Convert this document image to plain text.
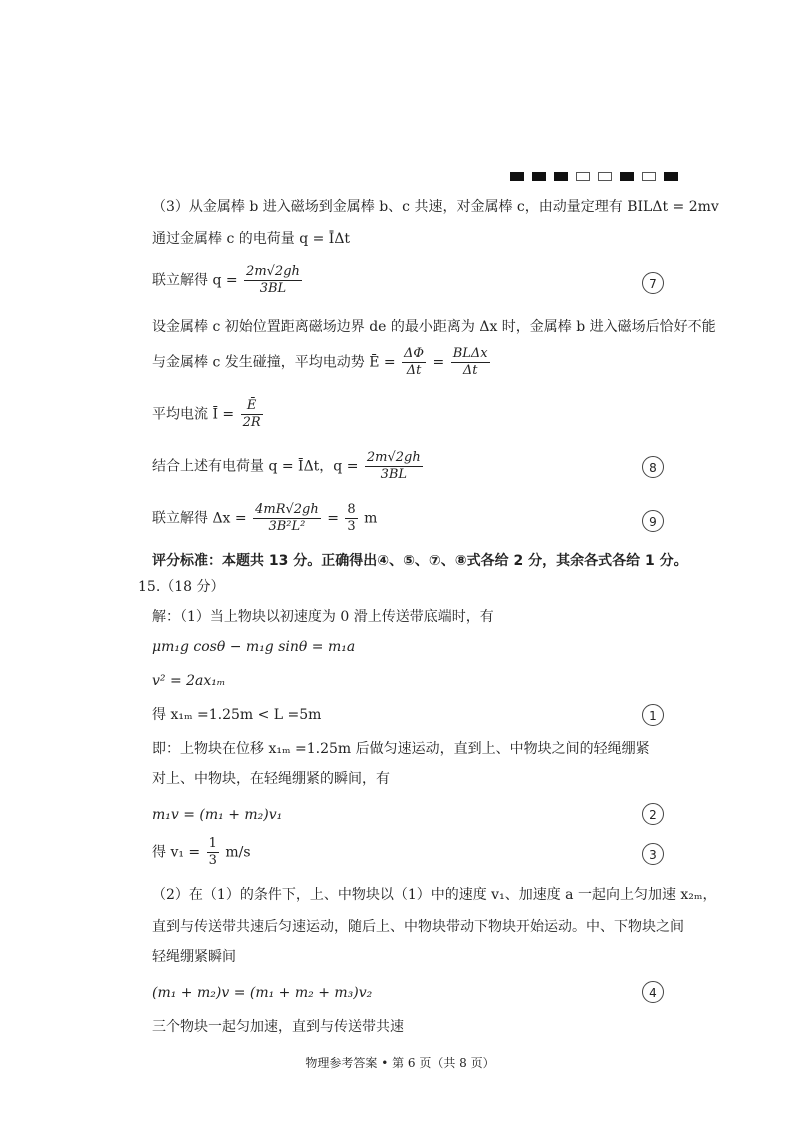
（3）从金属棒 b 进入磁场到金属棒 b、c 共速，对金属棒 c，由动量定理有 BILΔt = 2mv
通过金属棒 c 的电荷量 q = ĪΔt
联立解得 $q = \frac{2m√2gh}{3BL}$	7
设金属棒 c 初始位置距离磁场边界 de 的最小距离为 Δx 时，金属棒 b 进入磁场后恰好不能
与金属棒 c 发生碰撞，平均电动势 Ē = $\frac{\Delta\Phi}{\Delta t} = \frac{\text{BLΔx}}{\Delta t}$
平均电流 Ī = $\frac{Ē}{2R}$
结合上述有电荷量 q = ĪΔt，$q = \frac{2m√2gh}{3BL}$	8
联立解得 $\Delta x = \frac{4mR√2gh}{\text{3B²L²}} = \frac{8}{3}$ m	9
评分标准：本题共 13 分。正确得出④、⑤、⑦、⑧式各给 2 分，其余各式各给 1 分。
15.（18 分）
解：（1）当上物块以初速度为 0 滑上传送带底端时，有
μm₁g cosθ − m₁g sinθ = m₁a
v² = 2ax₁ₘ
得 x₁ₘ =1.25m < L =5m	1
即：上物块在位移 x₁ₘ =1.25m 后做匀速运动，直到上、中物块之间的轻绳绷紧
对上、中物块，在轻绳绷紧的瞬间，有
m₁v = (m₁ + m₂)v₁	2
得 $v_1 = \frac{1}{3} m/s$	3
（2）在（1）的条件下，上、中物块以（1）中的速度 v₁、加速度 a 一起向上匀加速 x₂ₘ，
直到与传送带共速后匀速运动，随后上、中物块带动下物块开始运动。中、下物块之间
轻绳绷紧瞬间
(m₁ + m₂)v = (m₁ + m₂ + m₃)v₂	4
三个物块一起匀加速，直到与传送带共速
物理参考答案 • 第 6 页（共 8 页）
